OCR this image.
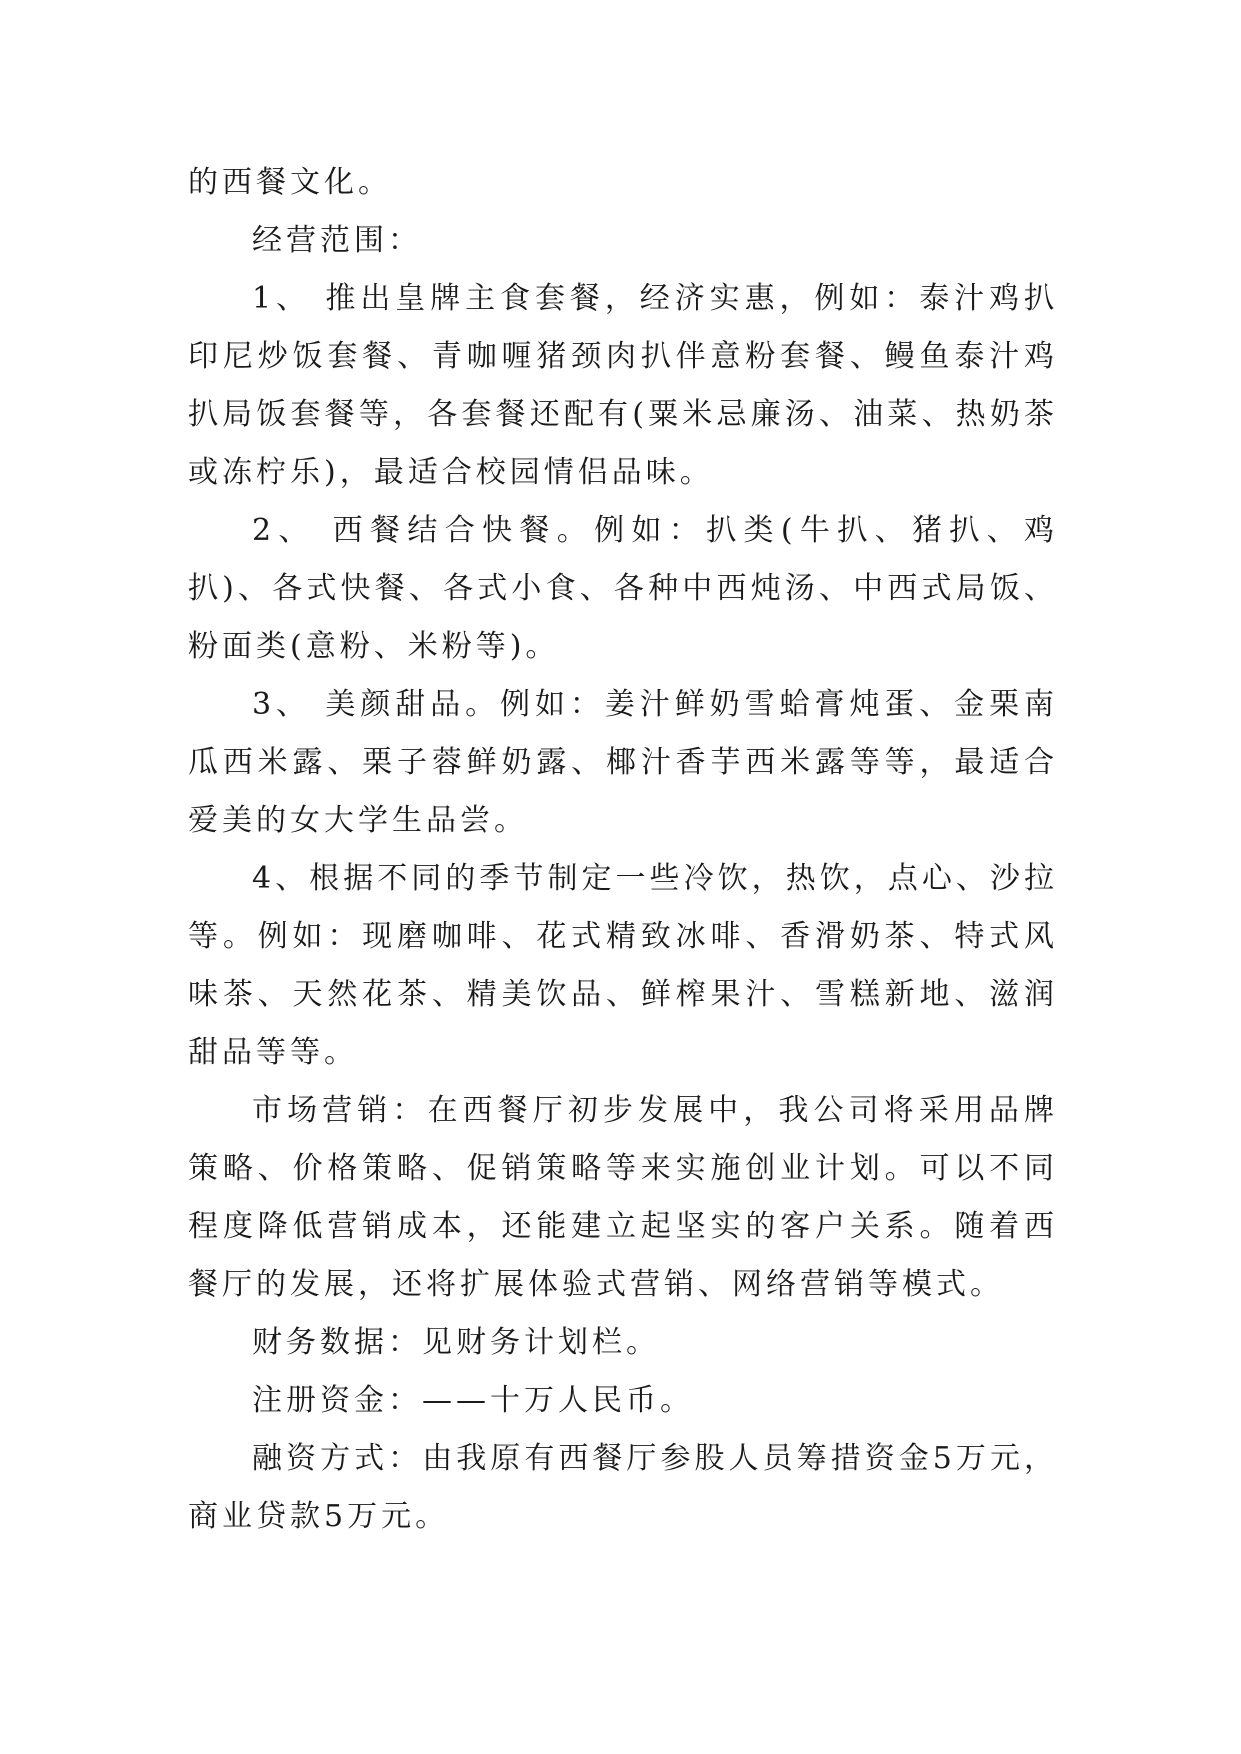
的西餐文化。

经营范围：

1、 推出皇牌主食套餐，经济实惠，例如：泰汁鸡扒印尼炒饭套餐、青咖喱猪颈肉扒伴意粉套餐、鳗鱼泰汁鸡扒局饭套餐等，各套餐还配有(粟米忌廉汤、油菜、热奶茶或冻柠乐)，最适合校园情侣品味。

2、 西餐结合快餐。例如：扒类(牛扒、猪扒、鸡扒)、各式快餐、各式小食、各种中西炖汤、中西式局饭、粉面类(意粉、米粉等)。

3、 美颜甜品。例如：姜汁鲜奶雪蛤膏炖蛋、金栗南瓜西米露、栗子蓉鲜奶露、椰汁香芋西米露等等，最适合爱美的女大学生品尝。

4、根据不同的季节制定一些冷饮，热饮，点心、沙拉等。例如：现磨咖啡、花式精致冰啡、香滑奶茶、特式风味茶、天然花茶、精美饮品、鲜榨果汁、雪糕新地、滋润甜品等等。

市场营销：在西餐厅初步发展中，我公司将采用品牌策略、价格策略、促销策略等来实施创业计划。可以不同程度降低营销成本，还能建立起坚实的客户关系。随着西餐厅的发展，还将扩展体验式营销、网络营销等模式。

财务数据：见财务计划栏。

注册资金：——十万人民币。

融资方式：由我原有西餐厅参股人员筹措资金5万元，商业贷款5万元。
